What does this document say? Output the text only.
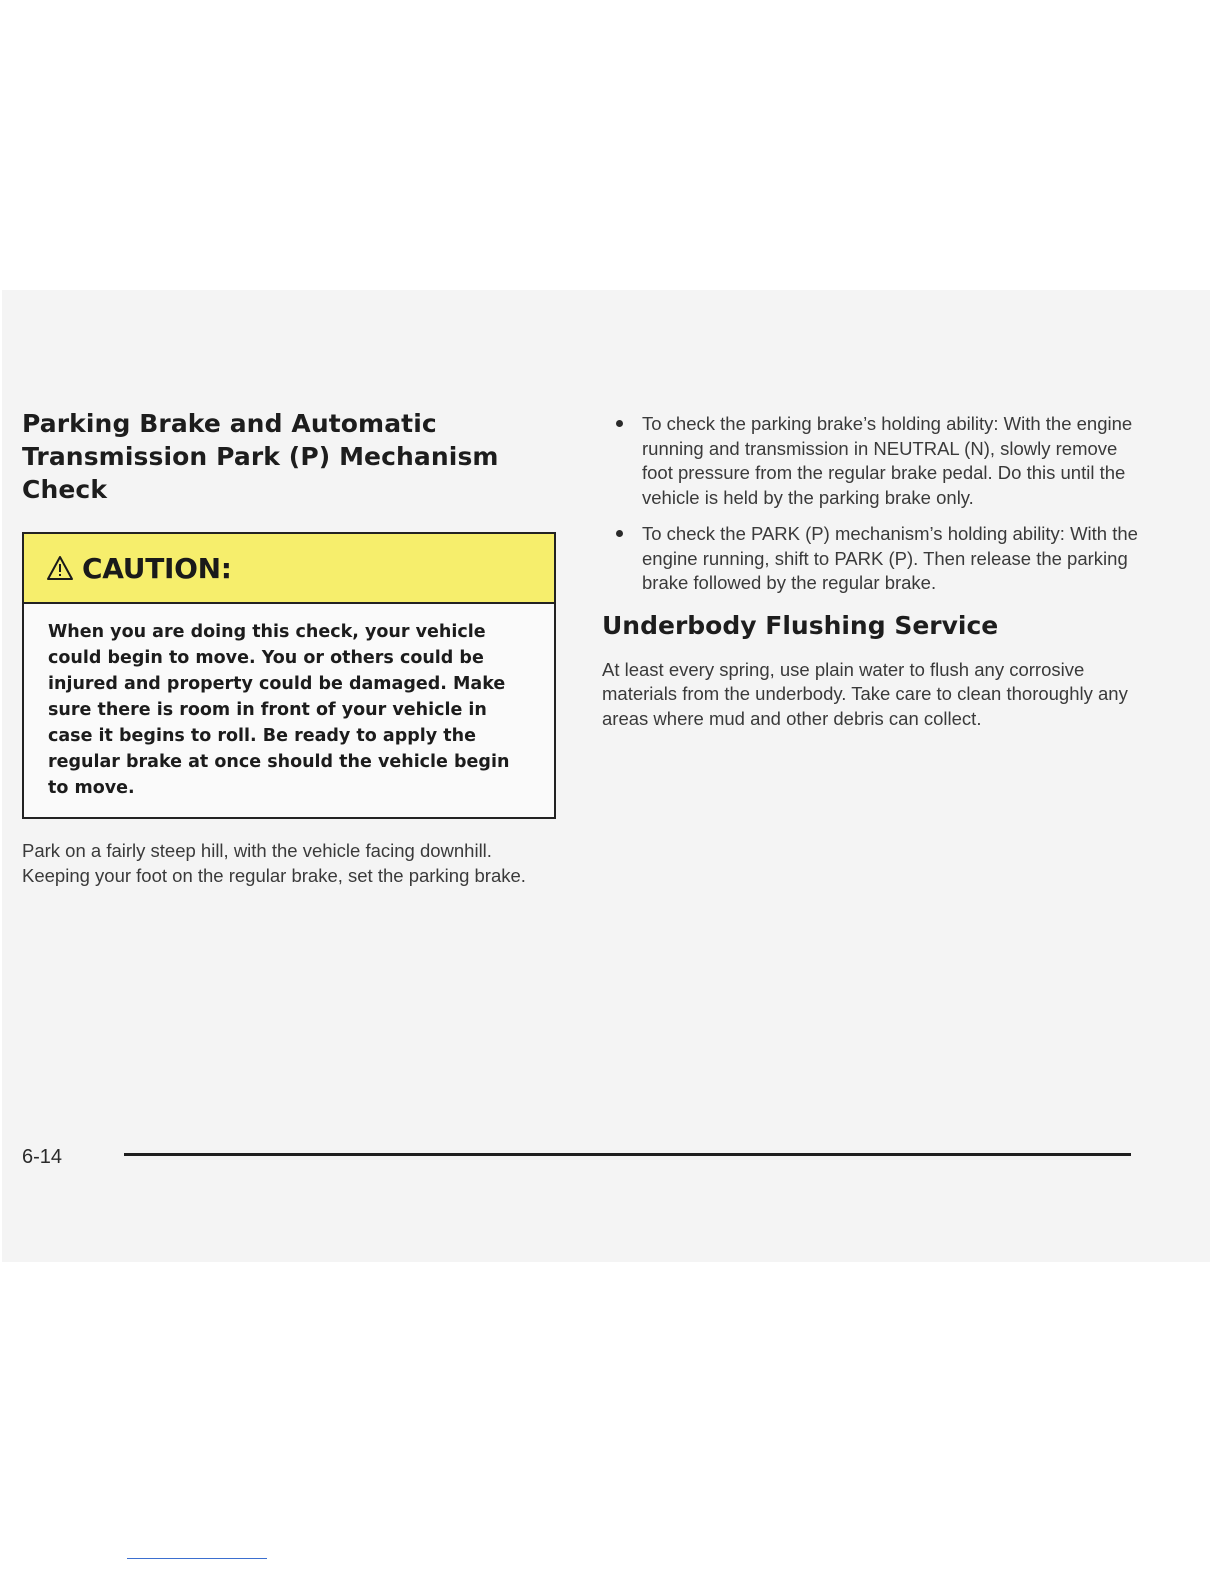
Parking Brake and Automatic
Transmission Park (P) Mechanism
Check
CAUTION:
When you are doing this check, your vehicle could begin to move. You or others could be injured and property could be damaged. Make sure there is room in front of your vehicle in case it begins to roll. Be ready to apply the regular brake at once should the vehicle begin to move.

Park on a fairly steep hill, with the vehicle facing downhill. Keeping your foot on the regular brake, set the parking brake.

To check the parking brake’s holding ability: With the engine running and transmission in NEUTRAL (N), slowly remove foot pressure from the regular brake pedal. Do this until the vehicle is held by the parking brake only.
To check the PARK (P) mechanism’s holding ability: With the engine running, shift to PARK (P). Then release the parking brake followed by the regular brake.
Underbody Flushing Service

At least every spring, use plain water to flush any corrosive materials from the underbody. Take care to clean thoroughly any areas where mud and other debris can collect.

6-14
